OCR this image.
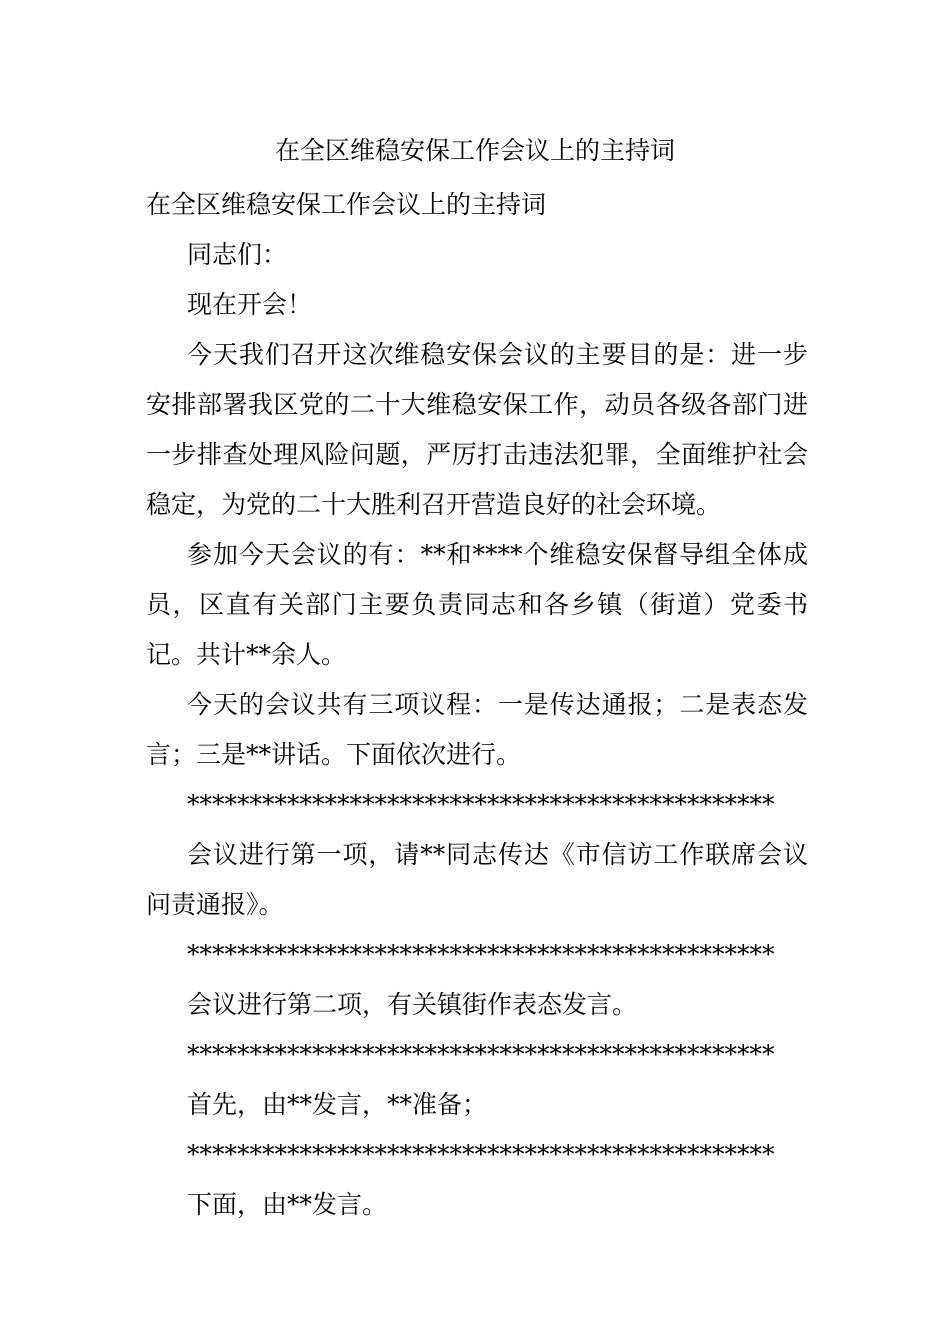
在全区维稳安保工作会议上的主持词

在全区维稳安保工作会议上的主持词

同志们：

现在开会！

今天我们召开这次维稳安保会议的主要目的是：进一步安排部署我区党的二十大维稳安保工作，动员各级各部门进一步排查处理风险问题，严厉打击违法犯罪，全面维护社会稳定，为党的二十大胜利召开营造良好的社会环境。

参加今天会议的有：**和****个维稳安保督导组全体成员，区直有关部门主要负责同志和各乡镇（街道）党委书记。共计**余人。

今天的会议共有三项议程：一是传达通报；二是表态发言；三是**讲话。下面依次进行。

***********************************************

会议进行第一项，请**同志传达《市信访工作联席会议问责通报》。

***********************************************

会议进行第二项，有关镇街作表态发言。

***********************************************

首先，由**发言，**准备；

***********************************************

下面，由**发言。
